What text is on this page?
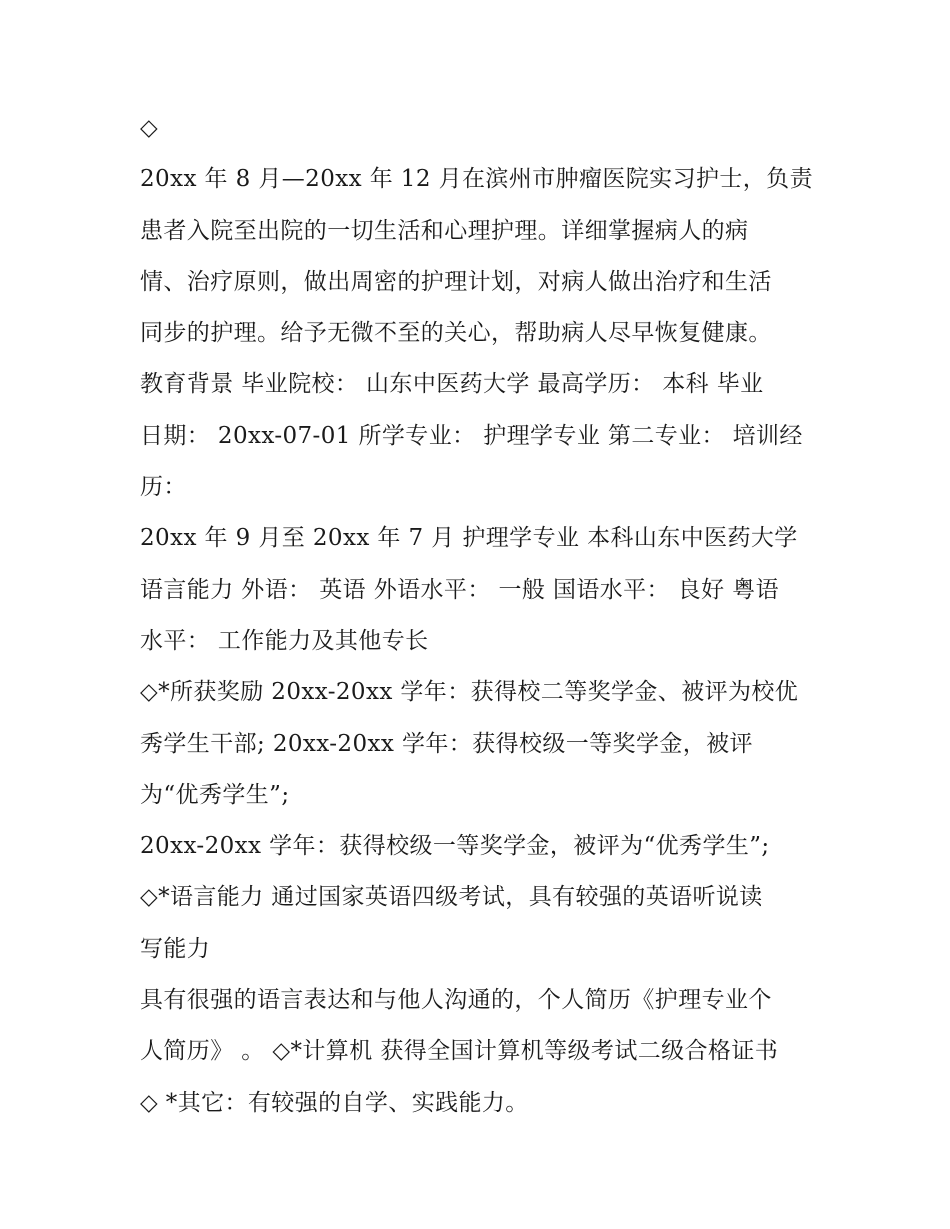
◇
20xx 年 8 月—20xx 年 12 月在滨州市肿瘤医院实习护士，负责
患者入院至出院的一切生活和心理护理。详细掌握病人的病
情、治疗原则，做出周密的护理计划，对病人做出治疗和生活
同步的护理。给予无微不至的关心，帮助病人尽早恢复健康。
教育背景 毕业院校： 山东中医药大学 最高学历： 本科 毕业
日期： 20xx-07-01 所学专业： 护理学专业 第二专业： 培训经
历：
20xx 年 9 月至 20xx 年 7 月 护理学专业 本科山东中医药大学
语言能力 外语： 英语 外语水平： 一般 国语水平： 良好 粤语
水平： 工作能力及其他专长
◇*所获奖励 20xx-20xx 学年：获得校二等奖学金、被评为校优
秀学生干部; 20xx-20xx 学年：获得校级一等奖学金，被评
为“优秀学生”;
20xx-20xx 学年：获得校级一等奖学金，被评为“优秀学生”;
◇*语言能力 通过国家英语四级考试，具有较强的英语听说读
写能力
具有很强的语言表达和与他人沟通的，个人简历《护理专业个
人简历》 。 ◇*计算机 获得全国计算机等级考试二级合格证书
◇ *其它：有较强的自学、实践能力。
